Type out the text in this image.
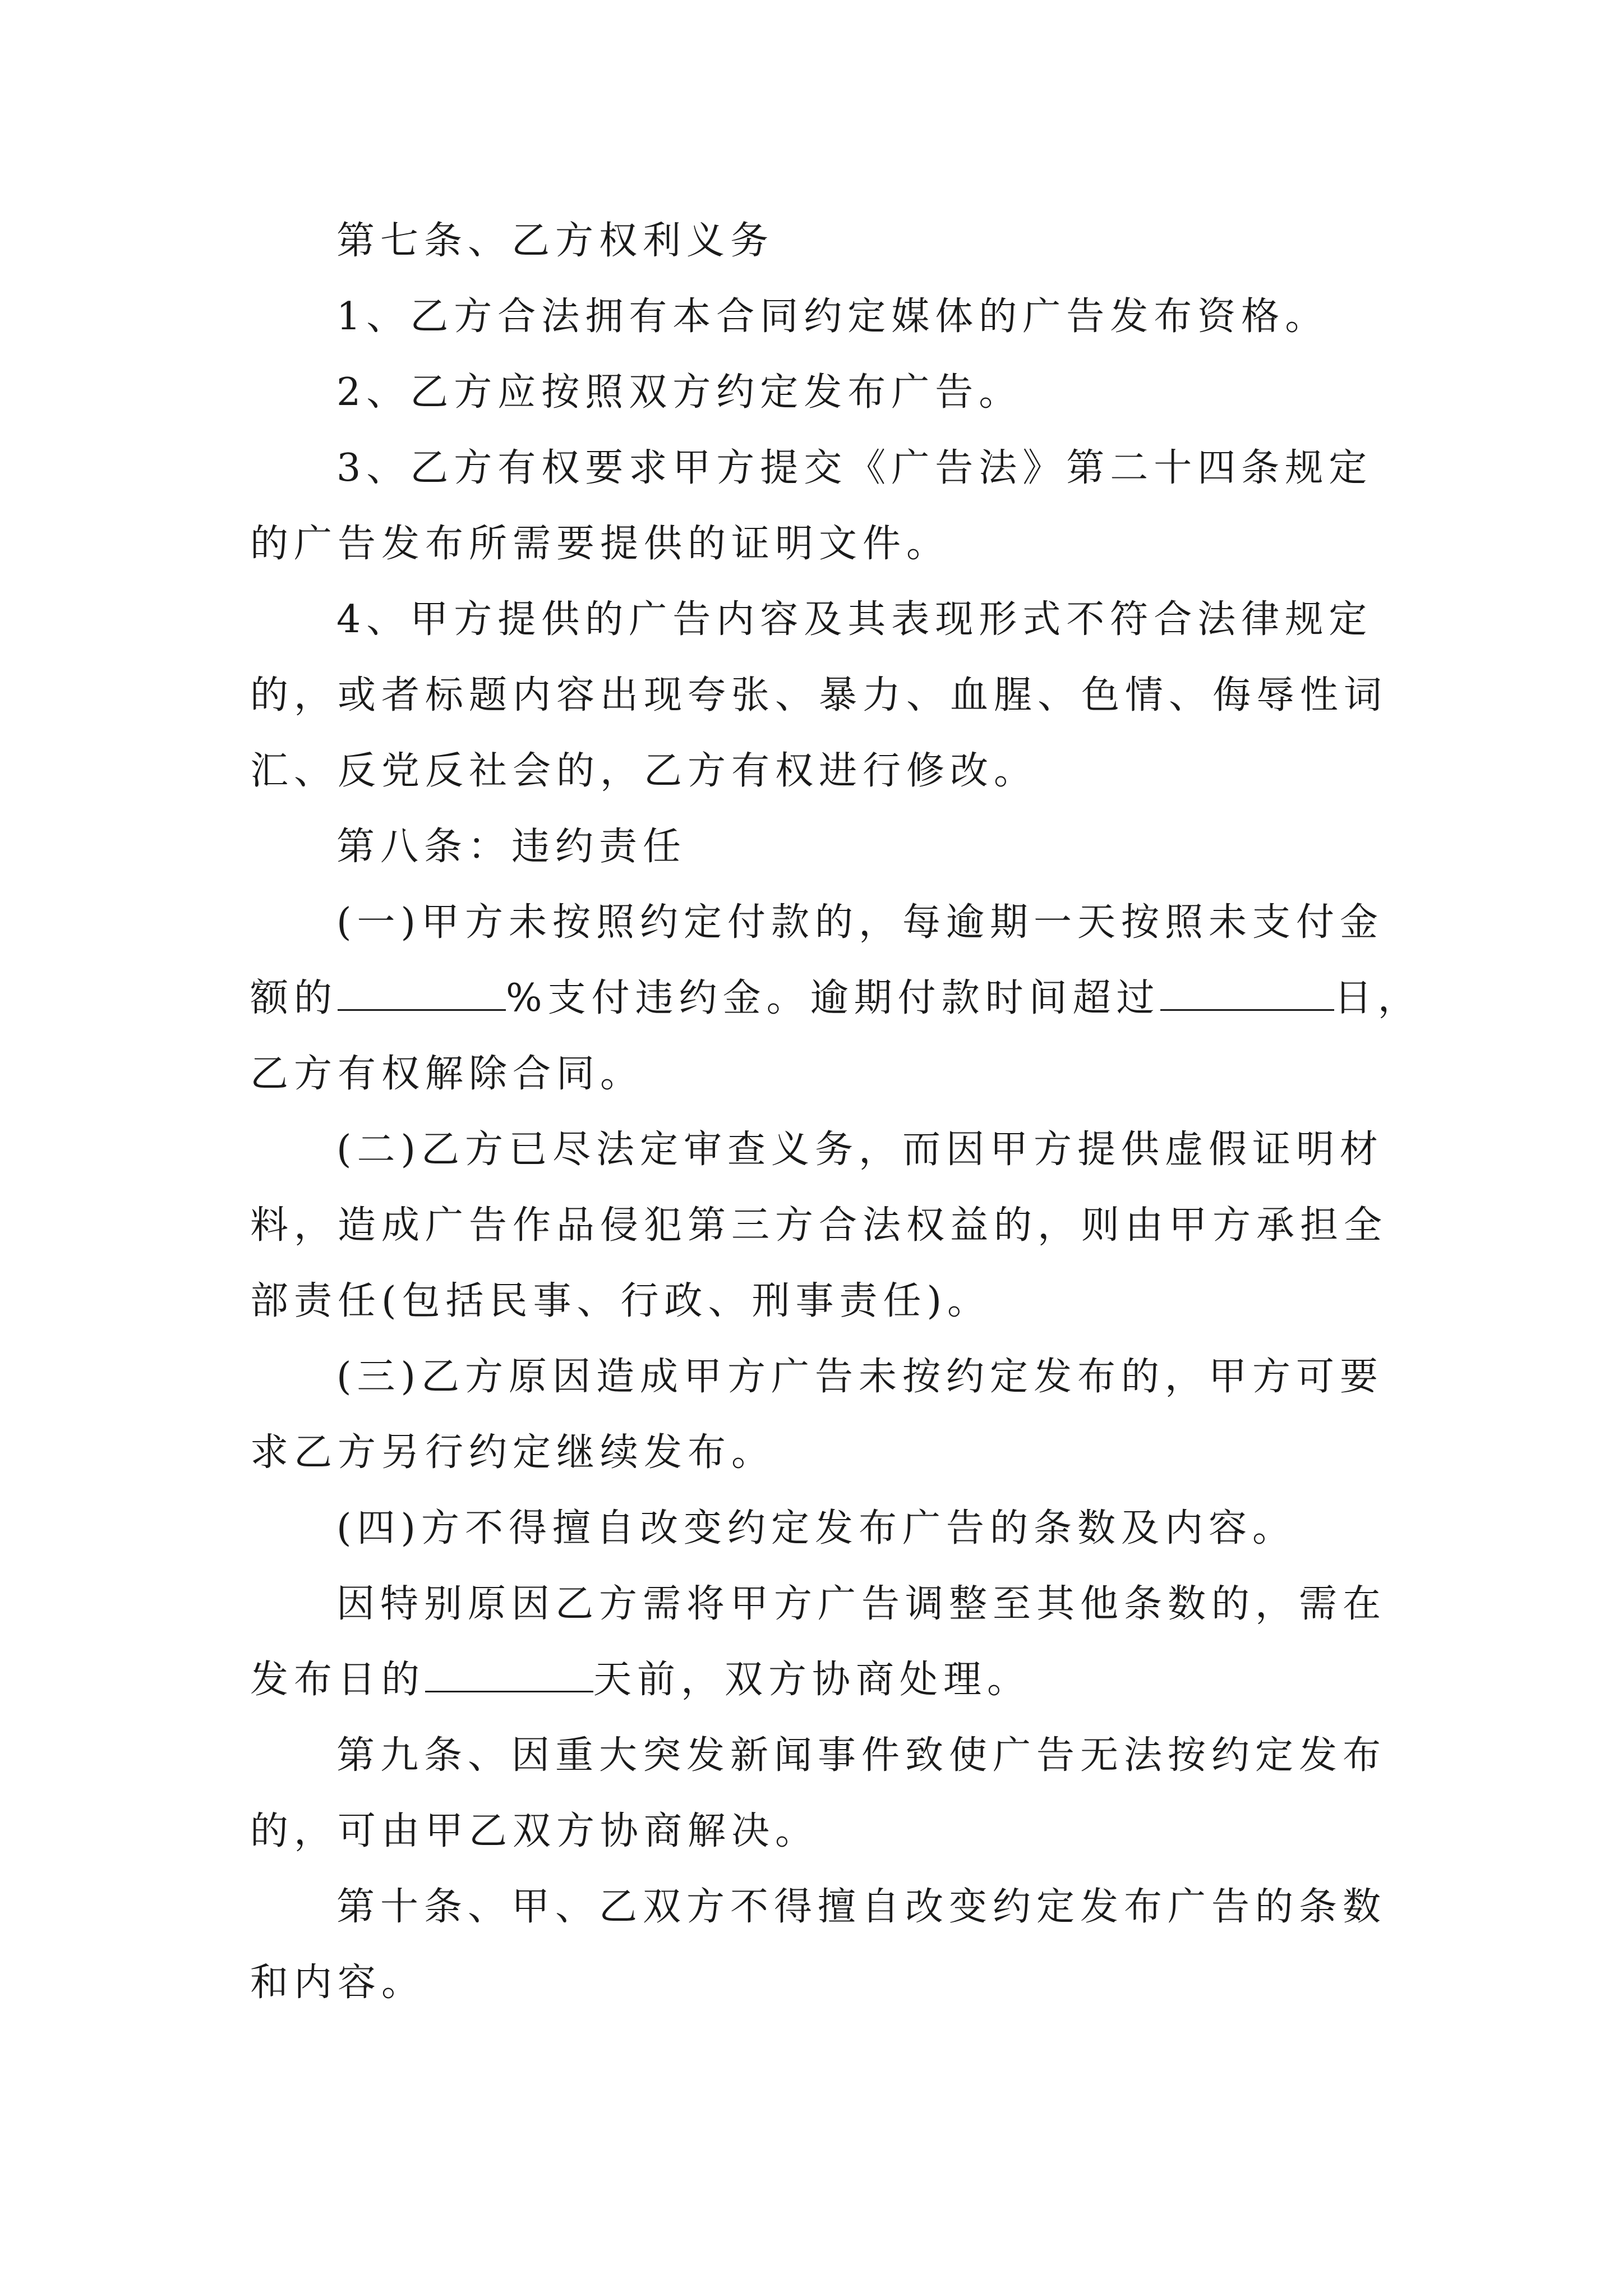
第七条、乙方权利义务
1、乙方合法拥有本合同约定媒体的广告发布资格。
2、乙方应按照双方约定发布广告。
3、乙方有权要求甲方提交《广告法》第二十四条规定
的广告发布所需要提供的证明文件。
4、甲方提供的广告内容及其表现形式不符合法律规定
的，或者标题内容出现夸张、暴力、血腥、色情、侮辱性词
汇、反党反社会的，乙方有权进行修改。
第八条：违约责任
(一)甲方未按照约定付款的，每逾期一天按照未支付金
额的	%支付违约金。逾期付款时间超过	日，
乙方有权解除合同。
(二)乙方已尽法定审查义务，而因甲方提供虚假证明材
料，造成广告作品侵犯第三方合法权益的，则由甲方承担全
部责任(包括民事、行政、刑事责任)。
(三)乙方原因造成甲方广告未按约定发布的，甲方可要
求乙方另行约定继续发布。
(四)方不得擅自改变约定发布广告的条数及内容。
因特别原因乙方需将甲方广告调整至其他条数的，需在
发布日的	天前，双方协商处理。
第九条、因重大突发新闻事件致使广告无法按约定发布
的，可由甲乙双方协商解决。
第十条、甲、乙双方不得擅自改变约定发布广告的条数
和内容。
